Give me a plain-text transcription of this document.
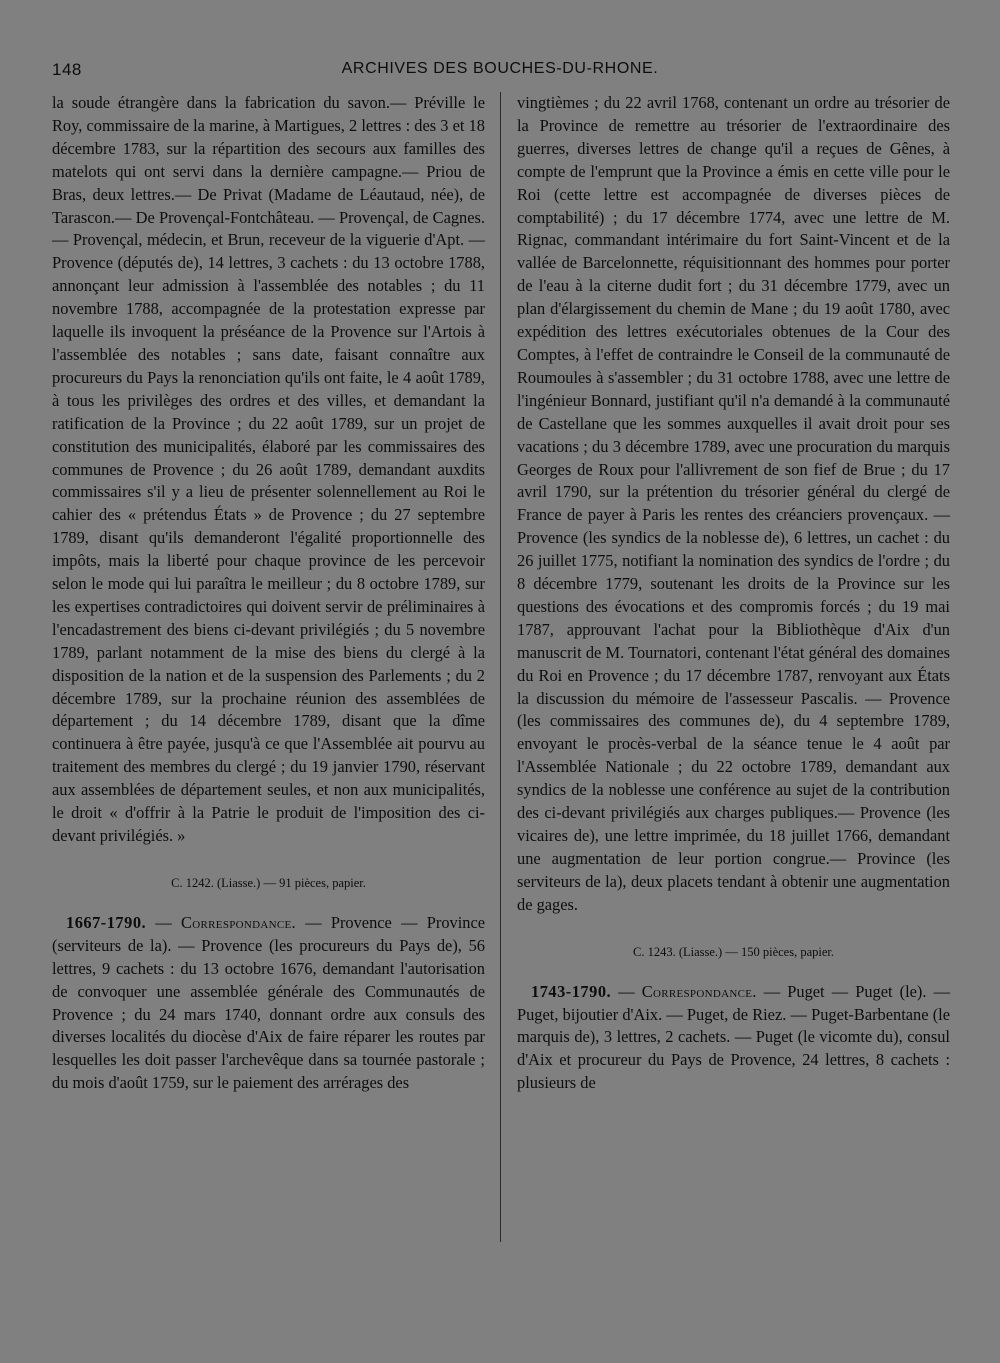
148	ARCHIVES DES BOUCHES-DU-RHONE.

la soude étrangère dans la fabrication du savon.— Préville le Roy, commissaire de la marine, à Martigues, 2 lettres : des 3 et 18 décembre 1783, sur la répartition des secours aux familles des matelots qui ont servi dans la dernière campagne.— Priou de Bras, deux lettres.— De Privat (Madame de Léautaud, née), de Tarascon.— De Provençal-Fontchâteau. — Provençal, de Cagnes. — Provençal, médecin, et Brun, receveur de la viguerie d'Apt. — Provence (députés de), 14 lettres, 3 cachets : du 13 octobre 1788, annonçant leur admission à l'assemblée des notables ; du 11 novembre 1788, accompagnée de la protestation expresse par laquelle ils invoquent la préséance de la Provence sur l'Artois à l'assemblée des notables ; sans date, faisant connaître aux procureurs du Pays la renonciation qu'ils ont faite, le 4 août 1789, à tous les privilèges des ordres et des villes, et demandant la ratification de la Province ; du 22 août 1789, sur un projet de constitution des municipalités, élaboré par les commissaires des communes de Provence ; du 26 août 1789, demandant auxdits commissaires s'il y a lieu de présenter solennellement au Roi le cahier des « prétendus États » de Provence ; du 27 septembre 1789, disant qu'ils demanderont l'égalité proportionnelle des impôts, mais la liberté pour chaque province de les percevoir selon le mode qui lui paraîtra le meilleur ; du 8 octobre 1789, sur les expertises contradictoires qui doivent servir de préliminaires à l'encadastrement des biens ci-devant privilégiés ; du 5 novembre 1789, parlant notamment de la mise des biens du clergé à la disposition de la nation et de la suspension des Parlements ; du 2 décembre 1789, sur la prochaine réunion des assemblées de département ; du 14 décembre 1789, disant que la dîme continuera à être payée, jusqu'à ce que l'Assemblée ait pourvu au traitement des membres du clergé ; du 19 janvier 1790, réservant aux assemblées de département seules, et non aux municipalités, le droit « d'offrir à la Patrie le produit de l'imposition des ci-devant privilégiés. »

C. 1242. (Liasse.) — 91 pièces, papier.

1667-1790. — Correspondance. — Provence — Province (serviteurs de la). — Provence (les procureurs du Pays de), 56 lettres, 9 cachets : du 13 octobre 1676, demandant l'autorisation de convoquer une assemblée générale des Communautés de Provence ; du 24 mars 1740, donnant ordre aux consuls des diverses localités du diocèse d'Aix de faire réparer les routes par lesquelles les doit passer l'archevêque dans sa tournée pastorale ; du mois d'août 1759, sur le paiement des arrérages des

vingtièmes ; du 22 avril 1768, contenant un ordre au trésorier de la Province de remettre au trésorier de l'extraordinaire des guerres, diverses lettres de change qu'il a reçues de Gênes, à compte de l'emprunt que la Province a émis en cette ville pour le Roi (cette lettre est accompagnée de diverses pièces de comptabilité) ; du 17 décembre 1774, avec une lettre de M. Rignac, commandant intérimaire du fort Saint-Vincent et de la vallée de Barcelonnette, réquisitionnant des hommes pour porter de l'eau à la citerne dudit fort ; du 31 décembre 1779, avec un plan d'élargissement du chemin de Mane ; du 19 août 1780, avec expédition des lettres exécutoriales obtenues de la Cour des Comptes, à l'effet de contraindre le Conseil de la communauté de Roumoules à s'assembler ; du 31 octobre 1788, avec une lettre de l'ingénieur Bonnard, justifiant qu'il n'a demandé à la communauté de Castellane que les sommes auxquelles il avait droit pour ses vacations ; du 3 décembre 1789, avec une procuration du marquis Georges de Roux pour l'allivrement de son fief de Brue ; du 17 avril 1790, sur la prétention du trésorier général du clergé de France de payer à Paris les rentes des créanciers provençaux. — Provence (les syndics de la noblesse de), 6 lettres, un cachet : du 26 juillet 1775, notifiant la nomination des syndics de l'ordre ; du 8 décembre 1779, soutenant les droits de la Province sur les questions des évocations et des compromis forcés ; du 19 mai 1787, approuvant l'achat pour la Bibliothèque d'Aix d'un manuscrit de M. Tournatori, contenant l'état général des domaines du Roi en Provence ; du 17 décembre 1787, renvoyant aux États la discussion du mémoire de l'assesseur Pascalis. — Provence (les commissaires des communes de), du 4 septembre 1789, envoyant le procès-verbal de la séance tenue le 4 août par l'Assemblée Nationale ; du 22 octobre 1789, demandant aux syndics de la noblesse une conférence au sujet de la contribution des ci-devant privilégiés aux charges publiques.— Provence (les vicaires de), une lettre imprimée, du 18 juillet 1766, demandant une augmentation de leur portion congrue.— Province (les serviteurs de la), deux placets tendant à obtenir une augmentation de gages.

C. 1243. (Liasse.) — 150 pièces, papier.

1743-1790. — Correspondance. — Puget — Puget (le). — Puget, bijoutier d'Aix. — Puget, de Riez. — Puget-Barbentane (le marquis de), 3 lettres, 2 cachets. — Puget (le vicomte du), consul d'Aix et procureur du Pays de Provence, 24 lettres, 8 cachets : plusieurs de
